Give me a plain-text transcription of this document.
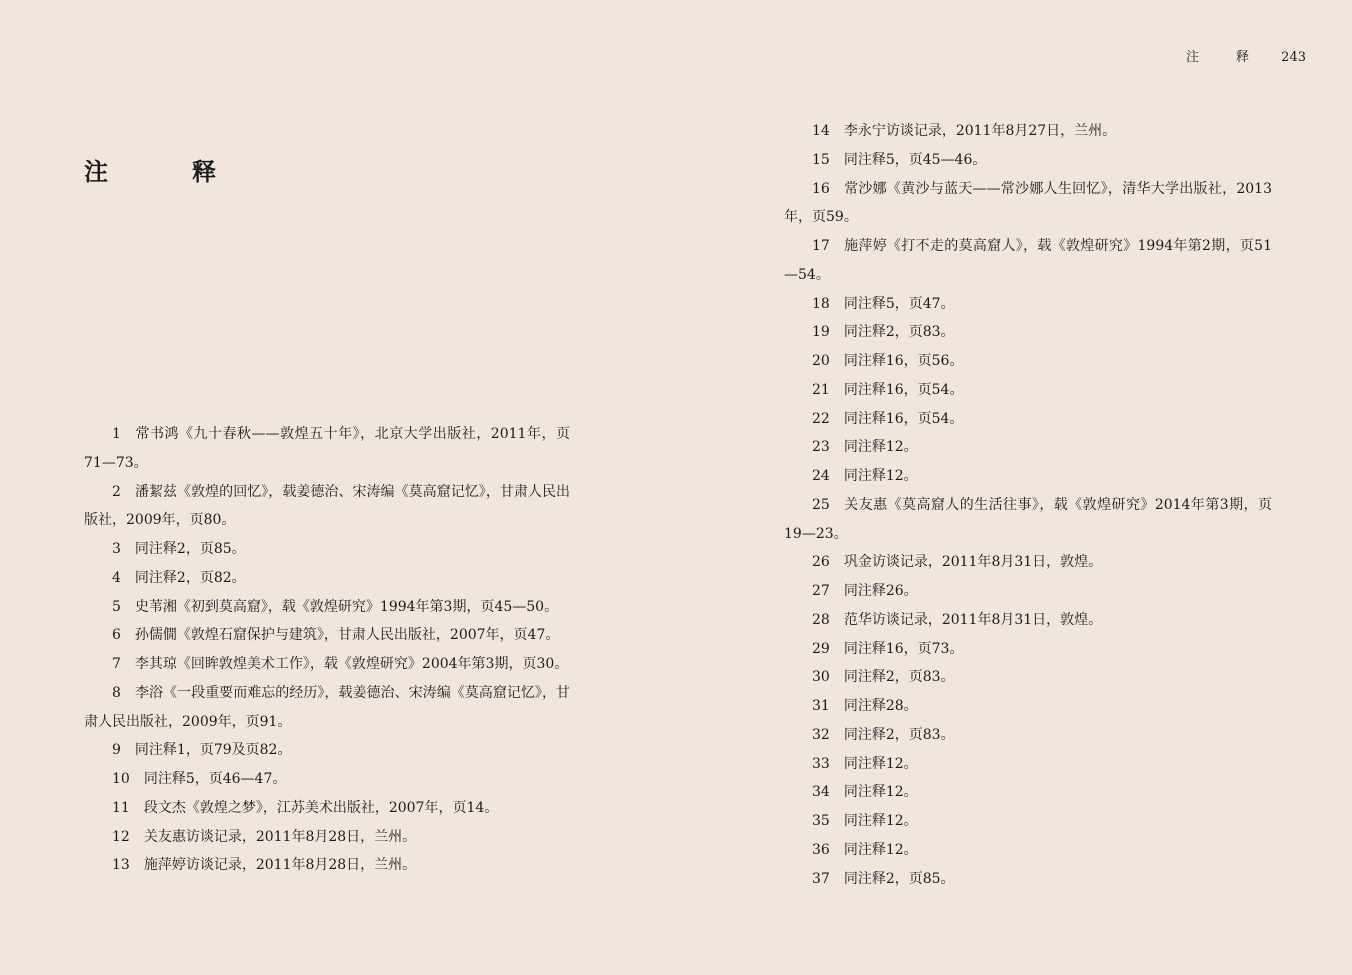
注　释 243
注　释
1 常书鸿《九十春秋——敦煌五十年》，北京大学出版社，2011年，页71—73。
2 潘絜兹《敦煌的回忆》，载姜德治、宋涛编《莫高窟记忆》，甘肃人民出版社，2009年，页80。
3 同注释2，页85。
4 同注释2，页82。
5 史苇湘《初到莫高窟》，载《敦煌研究》1994年第3期，页45—50。
6 孙儒僩《敦煌石窟保护与建筑》，甘肃人民出版社，2007年，页47。
7 李其琼《回眸敦煌美术工作》，载《敦煌研究》2004年第3期，页30。
8 李浴《一段重要而难忘的经历》，载姜德治、宋涛编《莫高窟记忆》，甘肃人民出版社，2009年，页91。
9 同注释1，页79及页82。
10 同注释5，页46—47。
11 段文杰《敦煌之梦》，江苏美术出版社，2007年，页14。
12 关友惠访谈记录，2011年8月28日，兰州。
13 施萍婷访谈记录，2011年8月28日，兰州。
14 李永宁访谈记录，2011年8月27日，兰州。
15 同注释5，页45—46。
16 常沙娜《黄沙与蓝天——常沙娜人生回忆》，清华大学出版社，2013年，页59。
17 施萍婷《打不走的莫高窟人》，载《敦煌研究》1994年第2期，页51—54。
18 同注释5，页47。
19 同注释2，页83。
20 同注释16，页56。
21 同注释16，页54。
22 同注释16，页54。
23 同注释12。
24 同注释12。
25 关友惠《莫高窟人的生活往事》，载《敦煌研究》2014年第3期，页19—23。
26 巩金访谈记录，2011年8月31日，敦煌。
27 同注释26。
28 范华访谈记录，2011年8月31日，敦煌。
29 同注释16，页73。
30 同注释2，页83。
31 同注释28。
32 同注释2，页83。
33 同注释12。
34 同注释12。
35 同注释12。
36 同注释12。
37 同注释2，页85。
